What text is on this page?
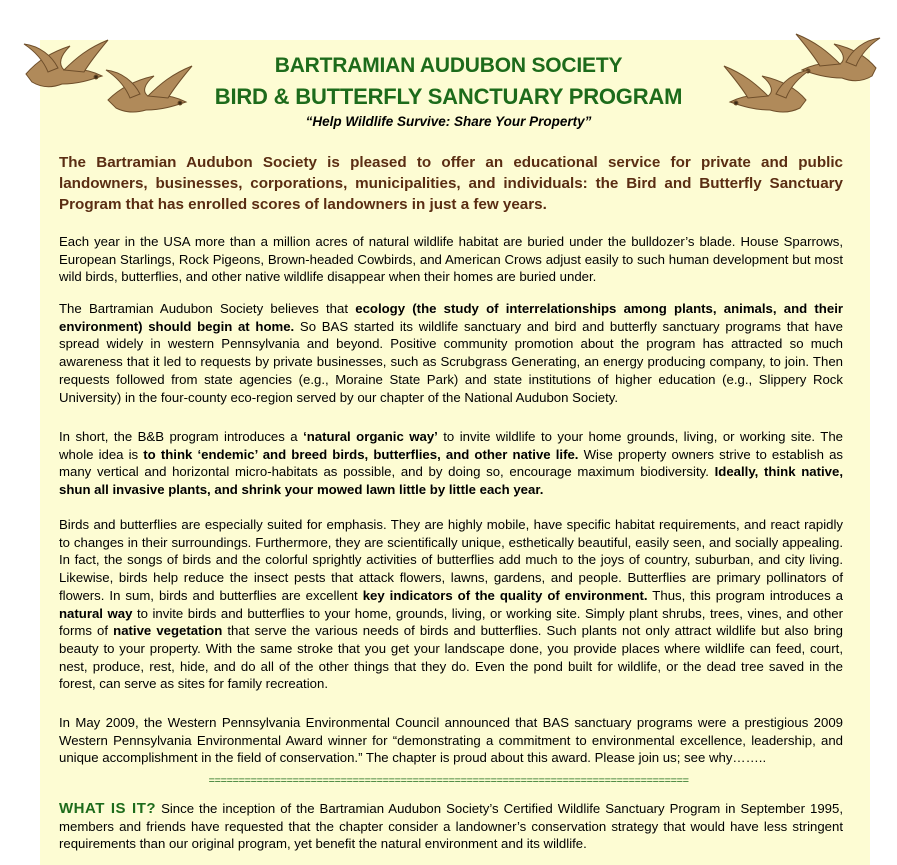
BARTRAMIAN AUDUBON SOCIETY
BIRD & BUTTERFLY SANCTUARY PROGRAM
“Help Wildlife Survive: Share Your Property”
The Bartramian Audubon Society is pleased to offer an educational service for private and public landowners, businesses, corporations, municipalities, and individuals: the Bird and Butterfly Sanctuary Program that has enrolled scores of landowners in just a few years.
Each year in the USA more than a million acres of natural wildlife habitat are buried under the bulldozer’s blade. House Sparrows, European Starlings, Rock Pigeons, Brown-headed Cowbirds, and American Crows adjust easily to such human development but most wild birds, butterflies, and other native wildlife disappear when their homes are buried under.
The Bartramian Audubon Society believes that ecology (the study of interrelationships among plants, animals, and their environment) should begin at home. So BAS started its wildlife sanctuary and bird and butterfly sanctuary programs that have spread widely in western Pennsylvania and beyond. Positive community promotion about the program has attracted so much awareness that it led to requests by private businesses, such as Scrubgrass Generating, an energy producing company, to join. Then requests followed from state agencies (e.g., Moraine State Park) and state institutions of higher education (e.g., Slippery Rock University) in the four-county eco-region served by our chapter of the National Audubon Society.
In short, the B&B program introduces a ‘natural organic way’ to invite wildlife to your home grounds, living, or working site. The whole idea is to think ‘endemic’ and breed birds, butterflies, and other native life. Wise property owners strive to establish as many vertical and horizontal micro-habitats as possible, and by doing so, encourage maximum biodiversity. Ideally, think native, shun all invasive plants, and shrink your mowed lawn little by little each year.
Birds and butterflies are especially suited for emphasis. They are highly mobile, have specific habitat requirements, and react rapidly to changes in their surroundings. Furthermore, they are scientifically unique, esthetically beautiful, easily seen, and socially appealing. In fact, the songs of birds and the colorful sprightly activities of butterflies add much to the joys of country, suburban, and city living. Likewise, birds help reduce the insect pests that attack flowers, lawns, gardens, and people. Butterflies are primary pollinators of flowers. In sum, birds and butterflies are excellent key indicators of the quality of environment. Thus, this program introduces a natural way to invite birds and butterflies to your home, grounds, living, or working site. Simply plant shrubs, trees, vines, and other forms of native vegetation that serve the various needs of birds and butterflies. Such plants not only attract wildlife but also bring beauty to your property. With the same stroke that you get your landscape done, you provide places where wildlife can feed, court, nest, produce, rest, hide, and do all of the other things that they do. Even the pond built for wildlife, or the dead tree saved in the forest, can serve as sites for family recreation.
In May 2009, the Western Pennsylvania Environmental Council announced that BAS sanctuary programs were a prestigious 2009 Western Pennsylvania Environmental Award winner for “demonstrating a commitment to environmental excellence, leadership, and unique accomplishment in the field of conservation.” The chapter is proud about this award. Please join us; see why……..
================================================================================
WHAT IS IT? Since the inception of the Bartramian Audubon Society’s Certified Wildlife Sanctuary Program in September 1995, members and friends have requested that the chapter consider a landowner’s conservation strategy that would have less stringent requirements than our original program, yet benefit the natural environment and its wildlife.
